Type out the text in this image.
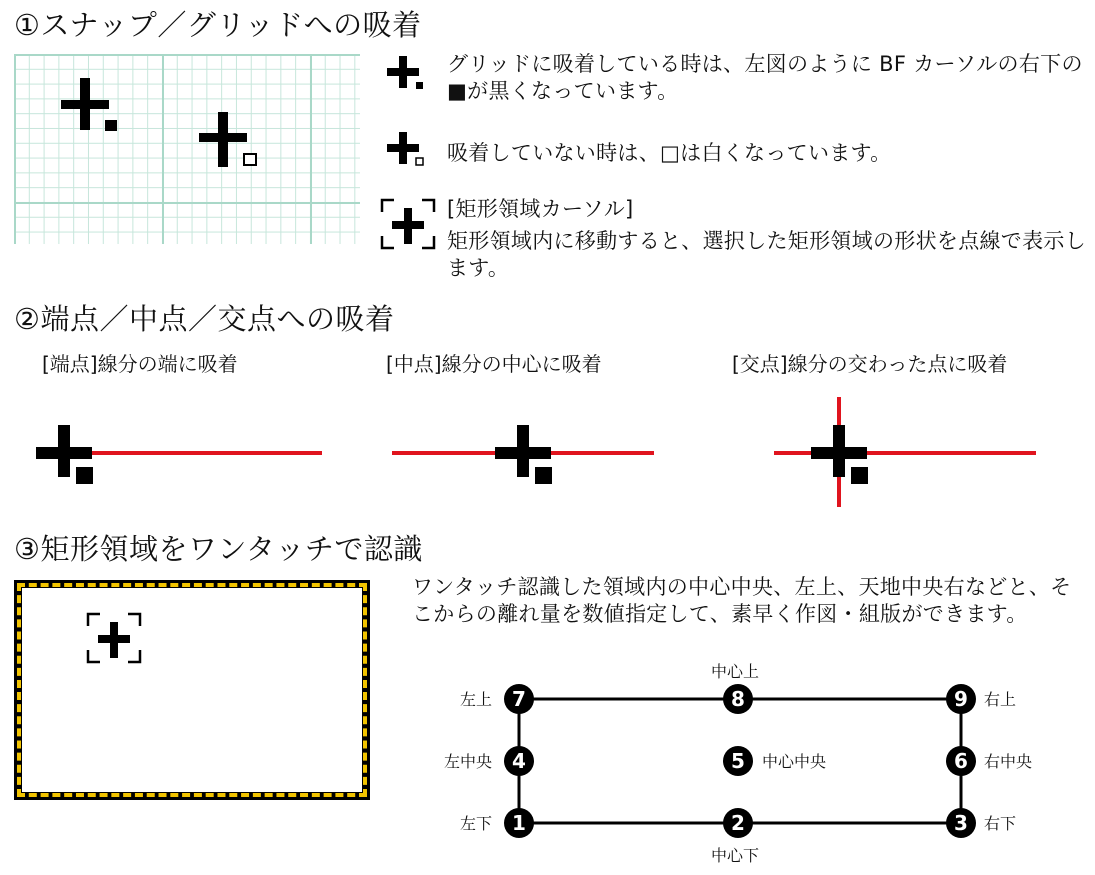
①スナップ／グリッドへの吸着
グリッドに吸着している時は、左図のように BF カーソルの右下の■が黒くなっています。
吸着していない時は、□は白くなっています。
[矩形領域カーソル]
矩形領域内に移動すると、選択した矩形領域の形状を点線で表示します。
②端点／中点／交点への吸着
[端点]線分の端に吸着	[中点]線分の中心に吸着	[交点]線分の交わった点に吸着
③矩形領域をワンタッチで認識
ワンタッチ認識した領域内の中心中央、左上、天地中央右などと、そこからの離れ量を数値指定して、素早く作図・組版ができます。
7	8	9
4	5	6
1	2	3
左上
中心上
右上
左中央	中心中央	右中央
左下
中心下
右下
